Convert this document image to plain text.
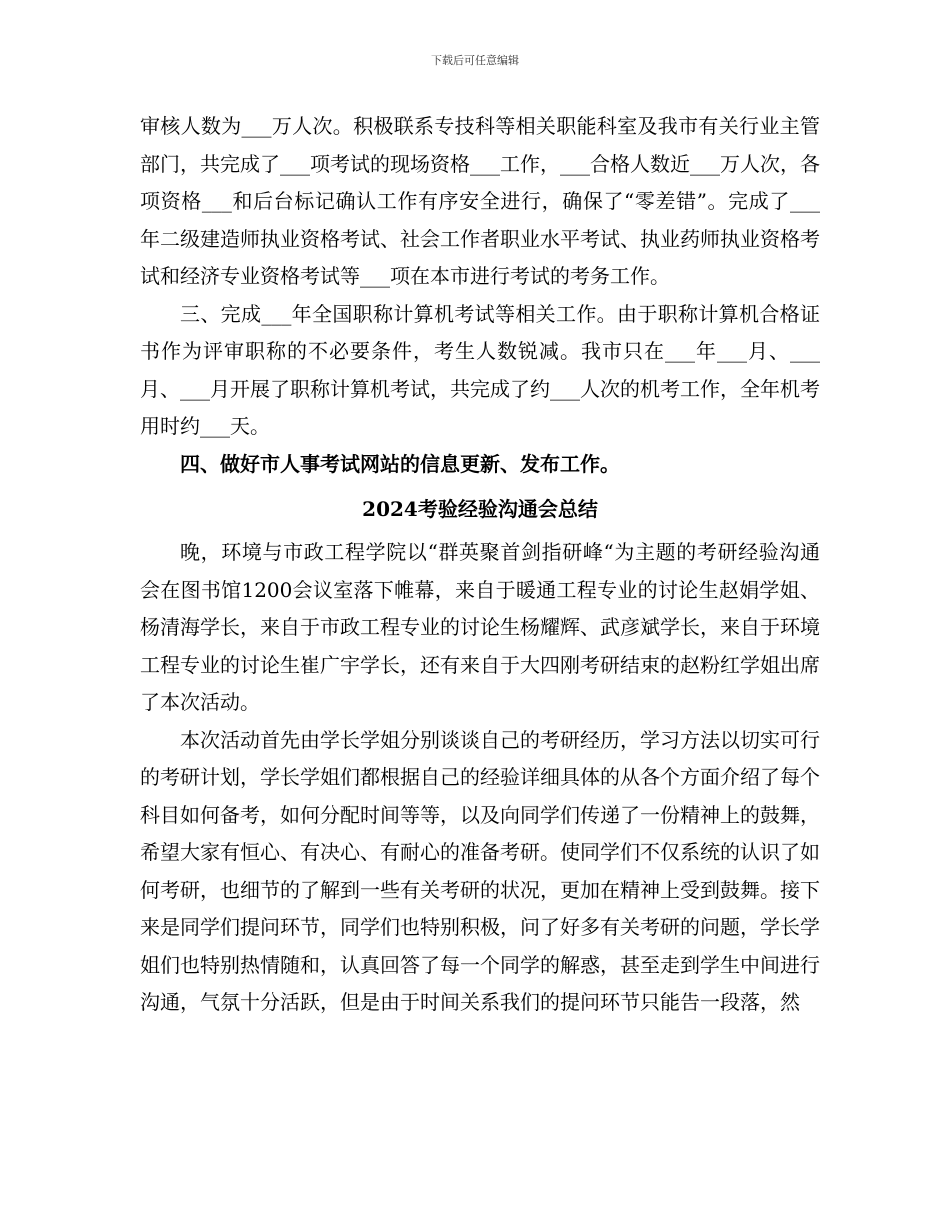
下载后可任意编辑

审核人数为___万人次。积极联系专技科等相关职能科室及我市有关行业主管部门，共完成了___项考试的现场资格___工作，___合格人数近___万人次，各项资格___和后台标记确认工作有序安全进行，确保了“零差错”。完成了___年二级建造师执业资格考试、社会工作者职业水平考试、执业药师执业资格考试和经济专业资格考试等___项在本市进行考试的考务工作。

三、完成___年全国职称计算机考试等相关工作。由于职称计算机合格证书作为评审职称的不必要条件，考生人数锐减。我市只在___年___月、___月、___月开展了职称计算机考试，共完成了约___人次的机考工作，全年机考用时约___天。

四、做好市人事考试网站的信息更新、发布工作。

2024考验经验沟通会总结

晚，环境与市政工程学院以“群英聚首剑指研峰“为主题的考研经验沟通会在图书馆1200会议室落下帷幕，来自于暖通工程专业的讨论生赵娟学姐、杨清海学长，来自于市政工程专业的讨论生杨耀辉、武彦斌学长，来自于环境工程专业的讨论生崔广宇学长，还有来自于大四刚考研结束的赵粉红学姐出席了本次活动。

本次活动首先由学长学姐分别谈谈自己的考研经历，学习方法以切实可行的考研计划，学长学姐们都根据自己的经验详细具体的从各个方面介绍了每个科目如何备考，如何分配时间等等，以及向同学们传递了一份精神上的鼓舞，希望大家有恒心、有决心、有耐心的准备考研。使同学们不仅系统的认识了如何考研，也细节的了解到一些有关考研的状况，更加在精神上受到鼓舞。接下来是同学们提问环节，同学们也特别积极，问了好多有关考研的问题，学长学姐们也特别热情随和，认真回答了每一个同学的解惑，甚至走到学生中间进行沟通，气氛十分活跃，但是由于时间关系我们的提问环节只能告一段落，然
